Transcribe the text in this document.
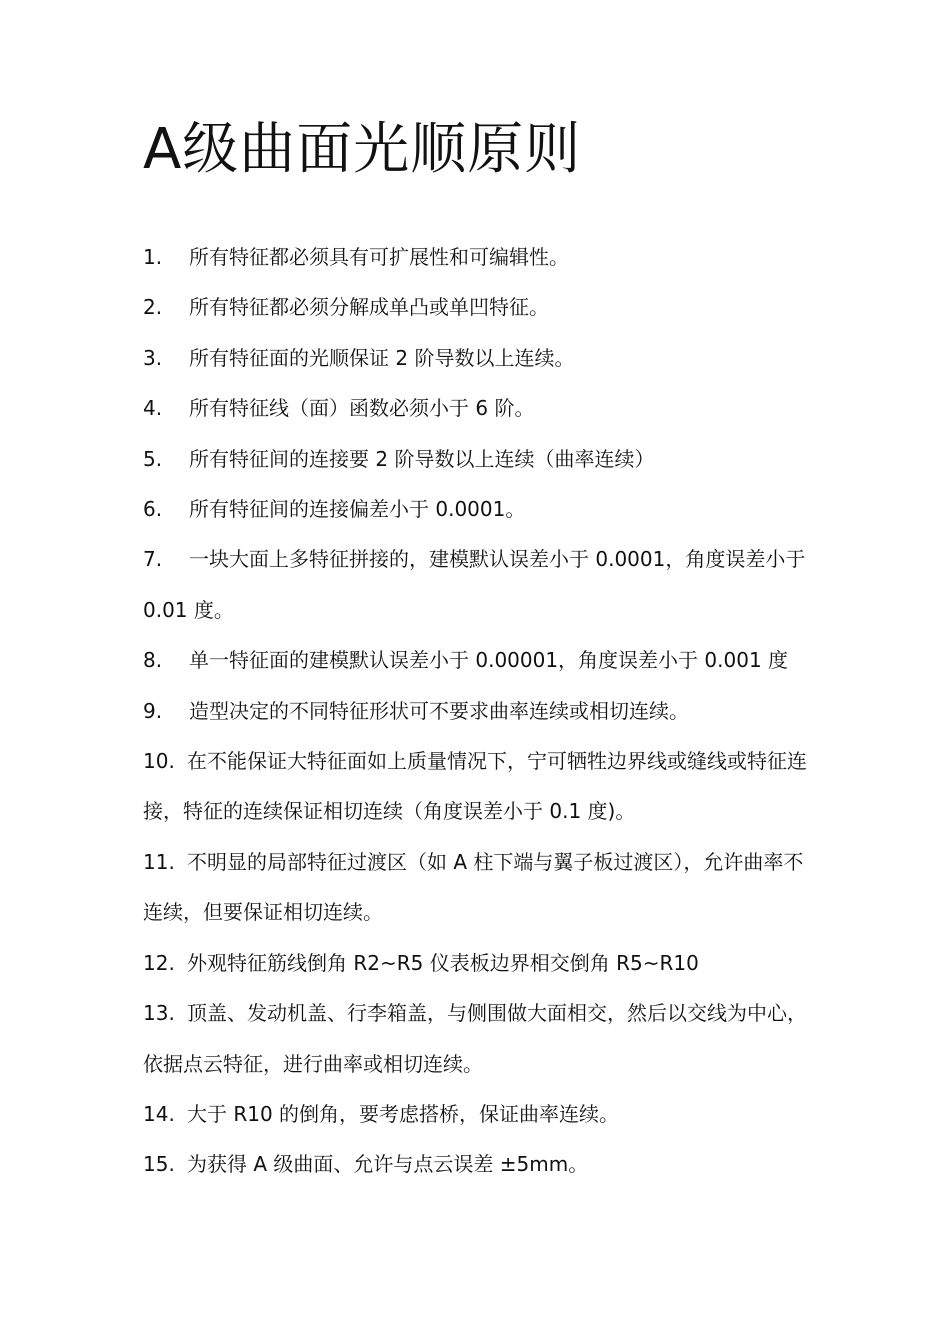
A级曲面光顺原则
1. 所有特征都必须具有可扩展性和可编辑性。
2. 所有特征都必须分解成单凸或单凹特征。
3. 所有特征面的光顺保证 2 阶导数以上连续。
4. 所有特征线（面）函数必须小于 6 阶。
5. 所有特征间的连接要 2 阶导数以上连续（曲率连续）
6. 所有特征间的连接偏差小于 0.0001。
7. 一块大面上多特征拼接的，建模默认误差小于 0.0001，角度误差小于 0.01 度。
8. 单一特征面的建模默认误差小于 0.00001，角度误差小于 0.001 度
9. 造型决定的不同特征形状可不要求曲率连续或相切连续。
10. 在不能保证大特征面如上质量情况下，宁可牺牲边界线或缝线或特征连接，特征的连续保证相切连续（角度误差小于 0.1 度)。
11. 不明显的局部特征过渡区（如 A 柱下端与翼子板过渡区），允许曲率不连续，但要保证相切连续。
12. 外观特征筋线倒角 R2~R5 仪表板边界相交倒角 R5~R10
13. 顶盖、发动机盖、行李箱盖，与侧围做大面相交，然后以交线为中心，依据点云特征，进行曲率或相切连续。
14. 大于 R10 的倒角，要考虑搭桥，保证曲率连续。
15. 为获得 A 级曲面、允许与点云误差 ±5mm。
